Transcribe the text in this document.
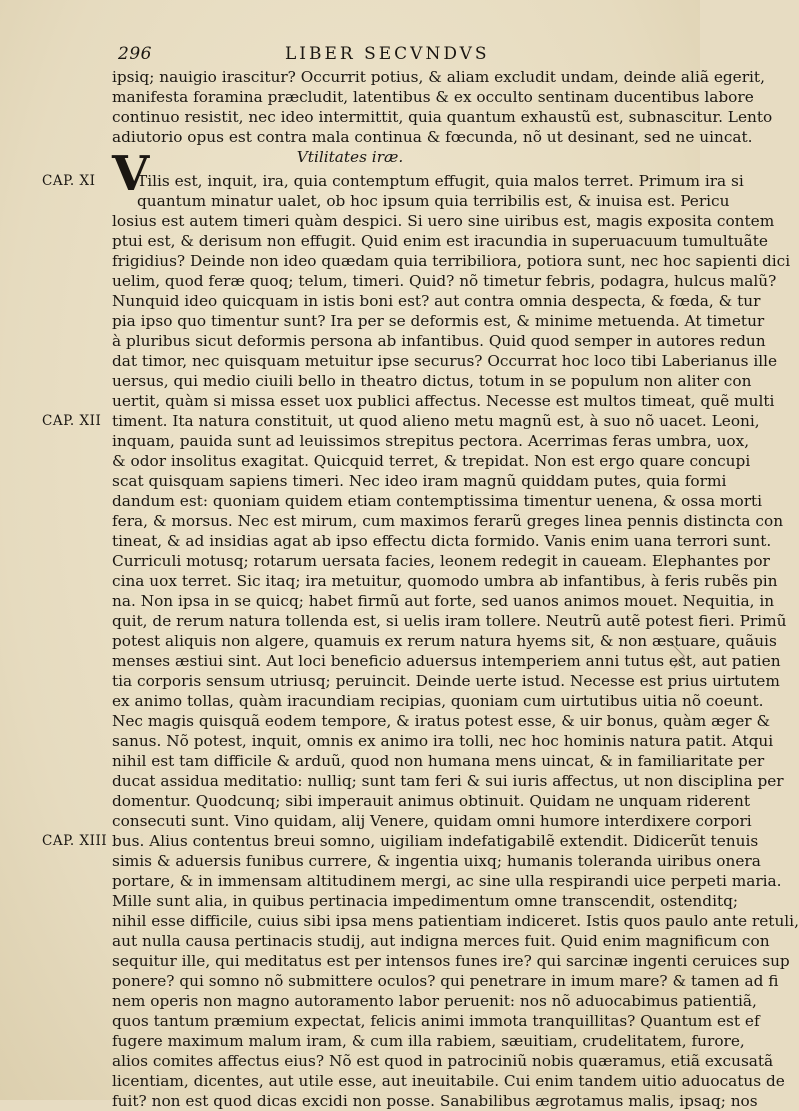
296	LIBER SECVNDVS
CAP. XI
CAP. XII
CAP. XIII
V
ipsiq; nauigio irascitur? Occurrit potius, & aliam excludit undam, deinde aliã egerit,
manifesta foramina præcludit, latentibus & ex occulto sentinam ducentibus labore
continuo resistit, nec ideo intermittit, quia quantum exhaustũ est, subnascitur. Lento
adiutorio opus est contra mala continua & fœcunda, nõ ut desinant, sed ne uincat.
Vtilitates iræ.
Tilis est, inquit, ira, quia contemptum effugit, quia malos terret. Primum ira si
quantum minatur ualet, ob hoc ipsum quia terribilis est, & inuisa est. Pericu
losius est autem timeri quàm despici. Si uero sine uiribus est, magis exposita contem
ptui est, & derisum non effugit. Quid enim est iracundia in superuacuum tumultuãte
frigidius? Deinde non ideo quædam quia terribiliora, potiora sunt, nec hoc sapienti dici
uelim, quod feræ quoq; telum, timeri. Quid? nõ timetur febris, podagra, hulcus malũ?
Nunquid ideo quicquam in istis boni est? aut contra omnia despecta, & fœda, & tur
pia ipso quo timentur sunt? Ira per se deformis est, & minime metuenda. At timetur
à pluribus sicut deformis persona ab infantibus. Quid quod semper in autores redun
dat timor, nec quisquam metuitur ipse securus? Occurrat hoc loco tibi Laberianus ille
uersus, qui medio ciuili bello in theatro dictus, totum in se populum non aliter con
uertit, quàm si missa esset uox publici affectus. Necesse est multos timeat, quẽ multi
timent. Ita natura constituit, ut quod alieno metu magnũ est, à suo nõ uacet. Leoni,
inquam, pauida sunt ad leuissimos strepitus pectora. Acerrimas feras umbra, uox,
& odor insolitus exagitat. Quicquid terret, & trepidat. Non est ergo quare concupi
scat quisquam sapiens timeri. Nec ideo iram magnũ quiddam putes, quia formi
dandum est: quoniam quidem etiam contemptissima timentur uenena, & ossa morti
fera, & morsus. Nec est mirum, cum maximos ferarũ greges linea pennis distincta con
tineat, & ad insidias agat ab ipso effectu dicta formido. Vanis enim uana terrori sunt.
Curriculi motusq; rotarum uersata facies, leonem redegit in caueam. Elephantes por
cina uox terret. Sic itaq; ira metuitur, quomodo umbra ab infantibus, à feris rubẽs pin
na. Non ipsa in se quicq; habet firmũ aut forte, sed uanos animos mouet. Nequitia, in
quit, de rerum natura tollenda est, si uelis iram tollere. Neutrũ autẽ potest fieri. Primũ
potest aliquis non algere, quamuis ex rerum natura hyems sit, & non æstuare, quãuis
menses æstiui sint. Aut loci beneficio aduersus intemperiem anni tutus est, aut patien
tia corporis sensum utriusq; peruincit. Deinde uerte istud. Necesse est prius uirtutem
ex animo tollas, quàm iracundiam recipias, quoniam cum uirtutibus uitia nõ coeunt.
Nec magis quisquã eodem tempore, & iratus potest esse, & uir bonus, quàm æger &
sanus. Nõ potest, inquit, omnis ex animo ira tolli, nec hoc hominis natura patit. Atqui
nihil est tam difficile & arduũ, quod non humana mens uincat, & in familiaritate per
ducat assidua meditatio: nulliq; sunt tam feri & sui iuris affectus, ut non disciplina per
domentur. Quodcunq; sibi imperauit animus obtinuit. Quidam ne unquam riderent
consecuti sunt. Vino quidam, alij Venere, quidam omni humore interdixere corpori
bus. Alius contentus breui somno, uigiliam indefatigabilẽ extendit. Didicerũt tenuis
simis & aduersis funibus currere, & ingentia uixq; humanis toleranda uiribus onera
portare, & in immensam altitudinem mergi, ac sine ulla respirandi uice perpeti maria.
Mille sunt alia, in quibus pertinacia impedimentum omne transcendit, ostenditq;
nihil esse difficile, cuius sibi ipsa mens patientiam indiceret. Istis quos paulo ante retuli,
aut nulla causa pertinacis studij, aut indigna merces fuit. Quid enim magnificum con
sequitur ille, qui meditatus est per intensos funes ire? qui sarcinæ ingenti ceruices sup
ponere? qui somno nõ submittere oculos? qui penetrare in imum mare? & tamen ad fi
nem operis non magno autoramento labor peruenit: nos nõ aduocabimus patientiã,
quos tantum præmium expectat, felicis animi immota tranquillitas? Quantum est ef
fugere maximum malum iram, & cum illa rabiem, sæuitiam, crudelitatem, furore,
alios comites affectus eius? Nõ est quod in patrociniũ nobis quæramus, etiã excusatã
licentiam, dicentes, aut utile esse, aut ineuitabile. Cui enim tandem uitio aduocatus de
fuit? non est quod dicas excidi non posse. Sanabilibus ægrotamus malis, ipsaq; nos
